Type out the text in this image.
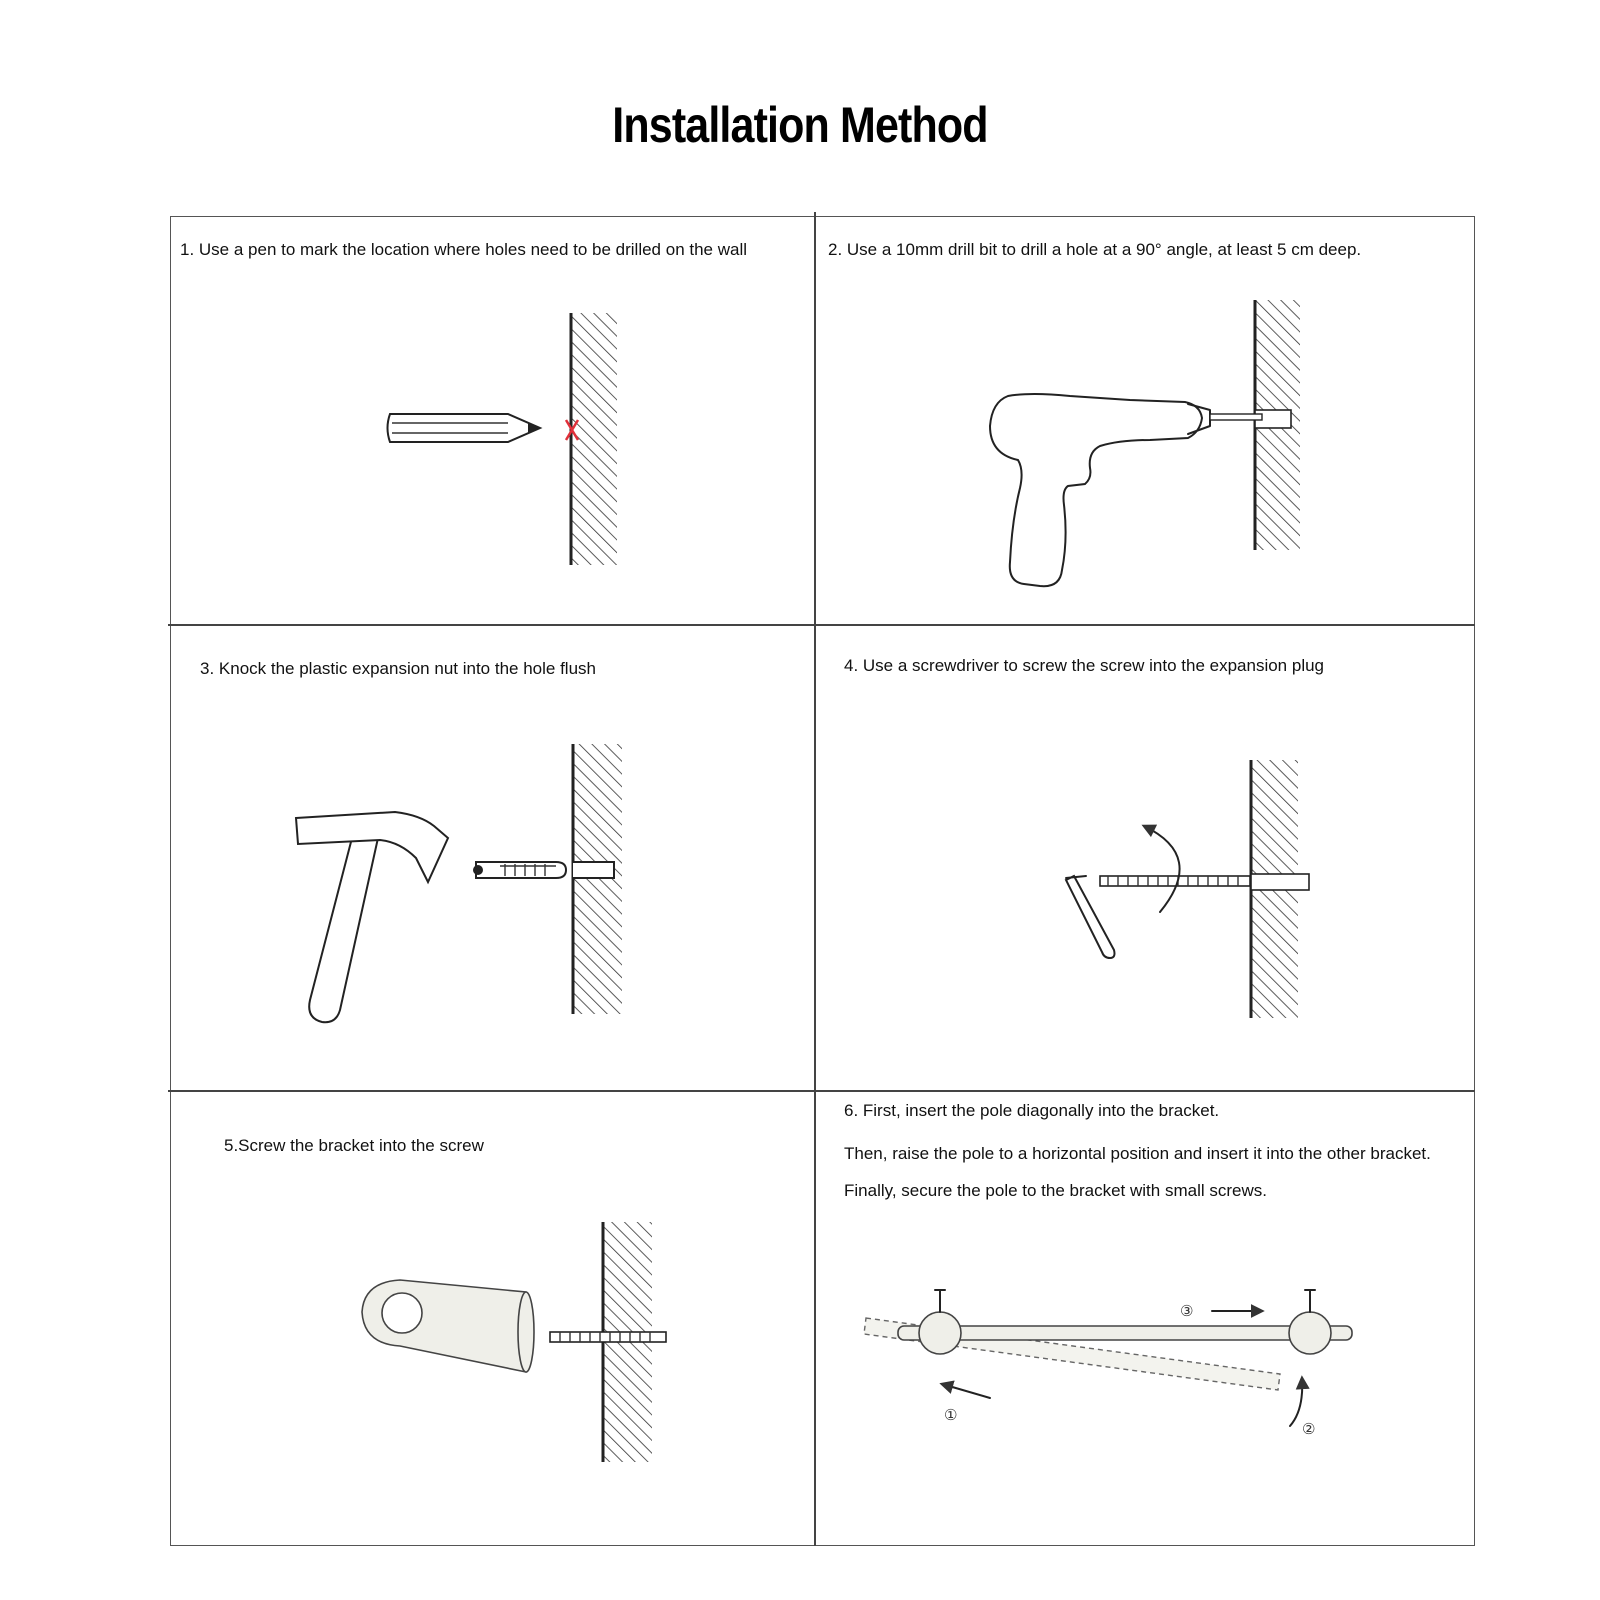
Installation Method

1. Use a pen to mark the location where holes need to be drilled on the wall	2. Use a 10mm drill bit to drill a hole at a 90° angle, at least 5 cm deep.

3. Knock the plastic expansion nut into the hole flush	4. Use a screwdriver to screw the screw into the expansion plug

5.Screw the bracket into the screw

6. First, insert the pole diagonally into the bracket.

Then, raise the pole to a horizontal position and insert it into the other bracket.

Finally, secure the pole to the bracket with small screws.

①
②
③
